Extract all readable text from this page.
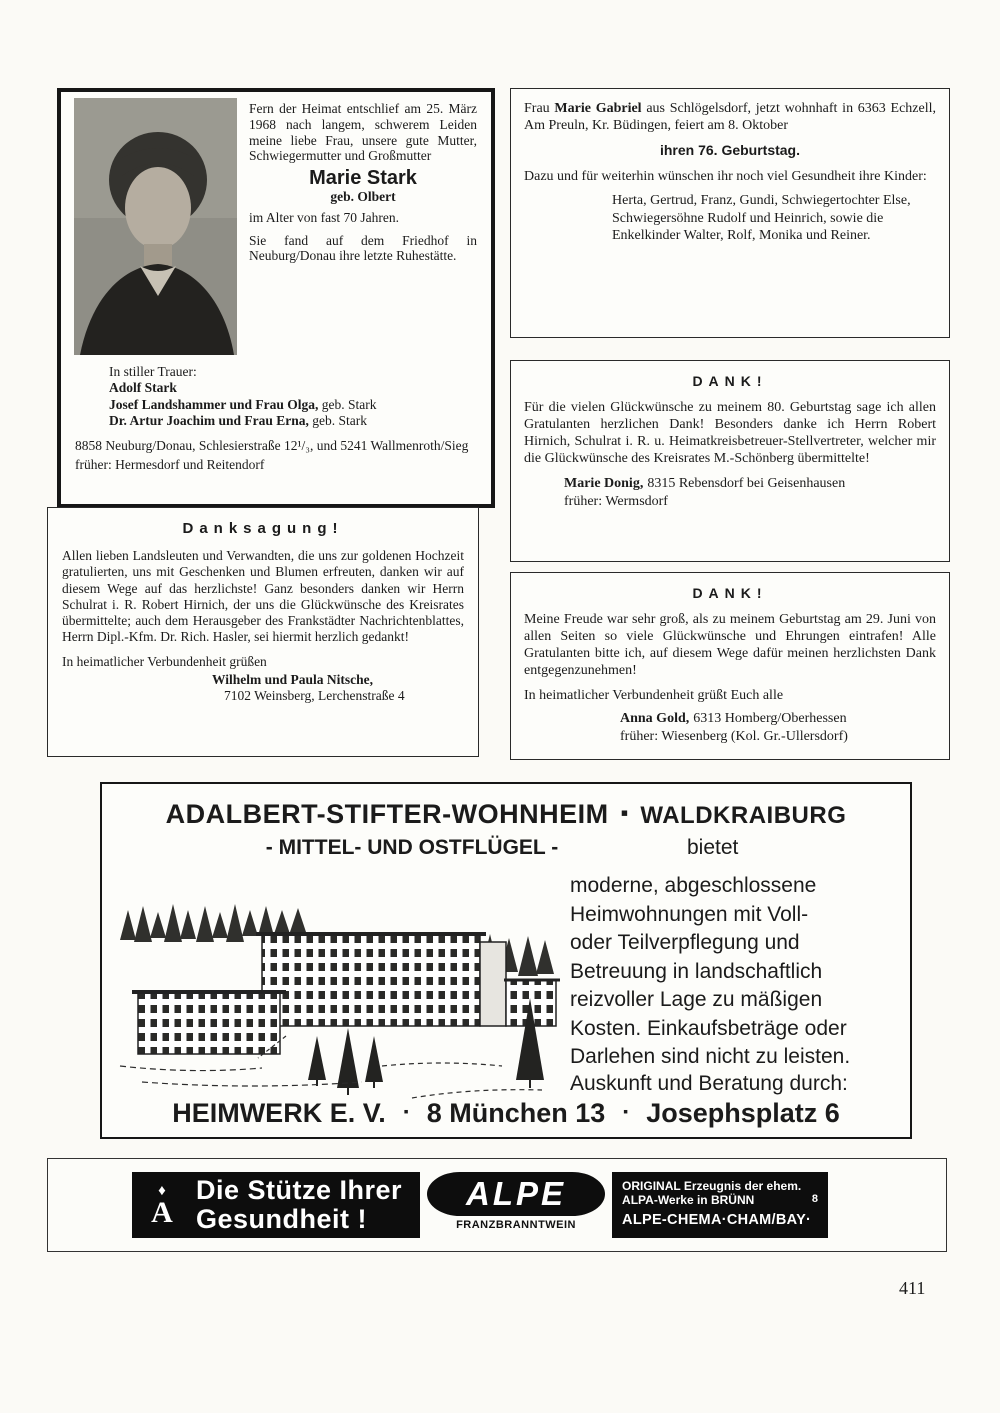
Fern der Heimat entschlief am 25. März 1968 nach langem, schwerem Leiden meine liebe Frau, unsere gute Mutter, Schwiegermutter und Großmutter

Marie Stark
geb. Olbert

im Alter von fast 70 Jahren.

Sie fand auf dem Friedhof in Neuburg/Donau ihre letzte Ruhestätte.

In stiller Trauer:
Adolf Stark
Josef Landshammer und Frau Olga, geb. Stark
Dr. Artur Joachim und Frau Erna, geb. Stark

8858 Neuburg/Donau, Schlesierstraße 12¹/₃, und 5241 Wallmenroth/Sieg

früher: Hermesdorf und Reitendorf

Danksagung!

Allen lieben Landsleuten und Verwandten, die uns zur goldenen Hochzeit gratulierten, uns mit Geschenken und Blumen erfreuten, danken wir auf diesem Wege auf das herzlichste! Ganz besonders danken wir Herrn Schulrat i. R. Robert Hirnich, der uns die Glückwünsche des Kreisrates übermittelte; auch dem Herausgeber des Frankstädter Nachrichtenblattes, Herrn Dipl.-Kfm. Dr. Rich. Hasler, sei hiermit herzlich gedankt!

In heimatlicher Verbundenheit grüßen

Wilhelm und Paula Nitsche,
7102 Weinsberg, Lerchenstraße 4

Frau Marie Gabriel aus Schlögelsdorf, jetzt wohnhaft in 6363 Echzell, Am Preuln, Kr. Büdingen, feiert am 8. Oktober

ihren 76. Geburtstag.

Dazu und für weiterhin wünschen ihr noch viel Gesundheit ihre Kinder:

Herta, Gertrud, Franz, Gundi, Schwiegertochter Else, Schwiegersöhne Rudolf und Heinrich, sowie die Enkelkinder Walter, Rolf, Monika und Reiner.

DANK!

Für die vielen Glückwünsche zu meinem 80. Geburtstag sage ich allen Gratulanten herzlichen Dank! Besonders danke ich Herrn Robert Hirnich, Schulrat i. R. u. Heimatkreisbetreuer-Stellvertreter, welcher mir die Glückwünsche des Kreisrates M.-Schönberg übermittelte!

Marie Donig, 8315 Rebensdorf bei Geisenhausen
früher: Wermsdorf
DANK!

Meine Freude war sehr groß, als zu meinem Geburtstag am 29. Juni von allen Seiten so viele Glückwünsche und Ehrungen eintrafen! Alle Gratulanten bitte ich, auf diesem Wege dafür meinen herzlichsten Dank entgegenzunehmen!

In heimatlicher Verbundenheit grüßt Euch alle

Anna Gold, 6313 Homberg/Oberhessen
früher: Wiesenberg (Kol. Gr.-Ullersdorf)
ADALBERT-STIFTER-WOHNHEIM ▪ WALDKRAIBURG
- MITTEL- UND OSTFLÜGEL -	bietet
moderne, abgeschlossene
Heimwohnungen mit Voll-
oder Teilverpflegung und
Betreuung in landschaftlich
reizvoller Lage zu mäßigen
Kosten. Einkaufsbeträge oder
Darlehen sind nicht zu leisten.
Auskunft und Beratung durch:
HEIMWERK E. V. ▪ 8 München 13 ▪ Josephsplatz 6
♦
A
Die Stütze Ihrer
Gesundheit !
ALPE
FRANZBRANNTWEIN
ORIGINAL Erzeugnis der ehem.
8
ALPA-Werke in BRÜNN
ALPE-CHEMA·CHAM/BAY·
411
